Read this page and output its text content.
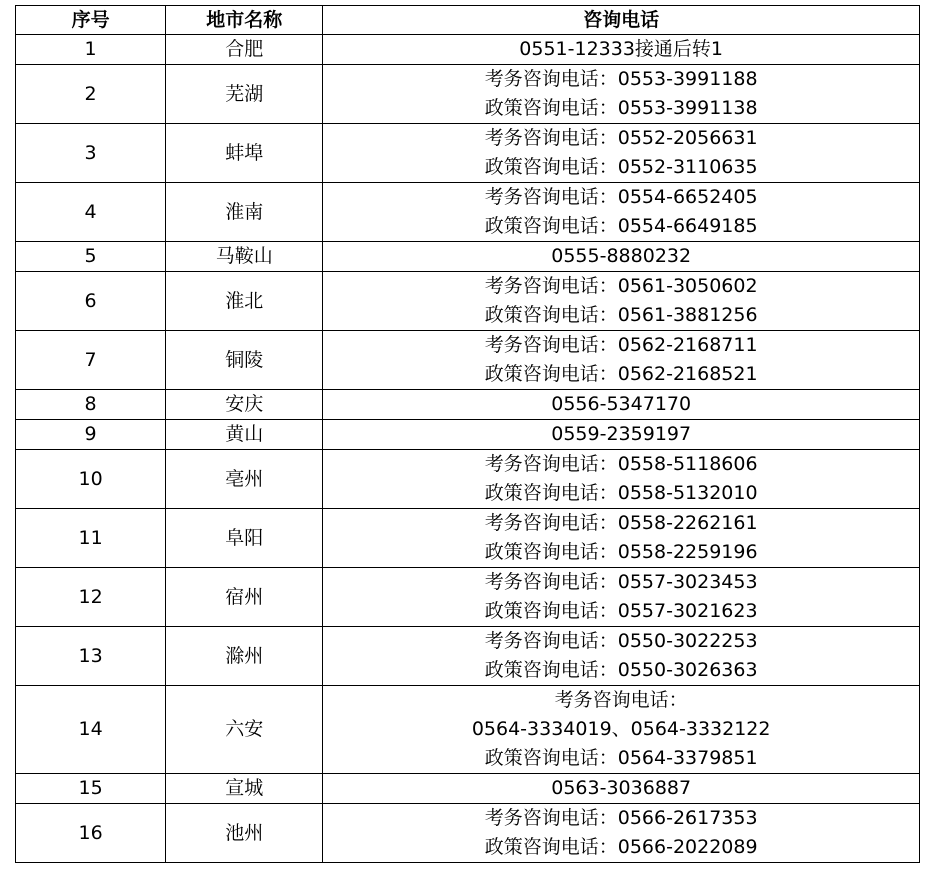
序号	地市名称	咨询电话
1	合肥	0551-12333接通后转1

2	芜湖	考务咨询电话：0553-3991188
政策咨询电话：0553-3991138

3	蚌埠	考务咨询电话：0552-2056631
政策咨询电话：0552-3110635

4	淮南	考务咨询电话：0554-6652405
政策咨询电话：0554-6649185

5	马鞍山	0555-8880232

6	淮北	考务咨询电话：0561-3050602
政策咨询电话：0561-3881256

7	铜陵	考务咨询电话：0562-2168711
政策咨询电话：0562-2168521

8	安庆	0556-5347170

9	黄山	0559-2359197

10	亳州	考务咨询电话：0558-5118606
政策咨询电话：0558-5132010

11	阜阳	考务咨询电话：0558-2262161
政策咨询电话：0558-2259196

12	宿州	考务咨询电话：0557-3023453
政策咨询电话：0557-3021623

13	滁州	考务咨询电话：0550-3022253
政策咨询电话：0550-3026363

14	六安	考务咨询电话：
0564-3334019、0564-3332122
政策咨询电话：0564-3379851

15	宣城	0563-3036887

16	池州	考务咨询电话：0566-2617353
政策咨询电话：0566-2022089
